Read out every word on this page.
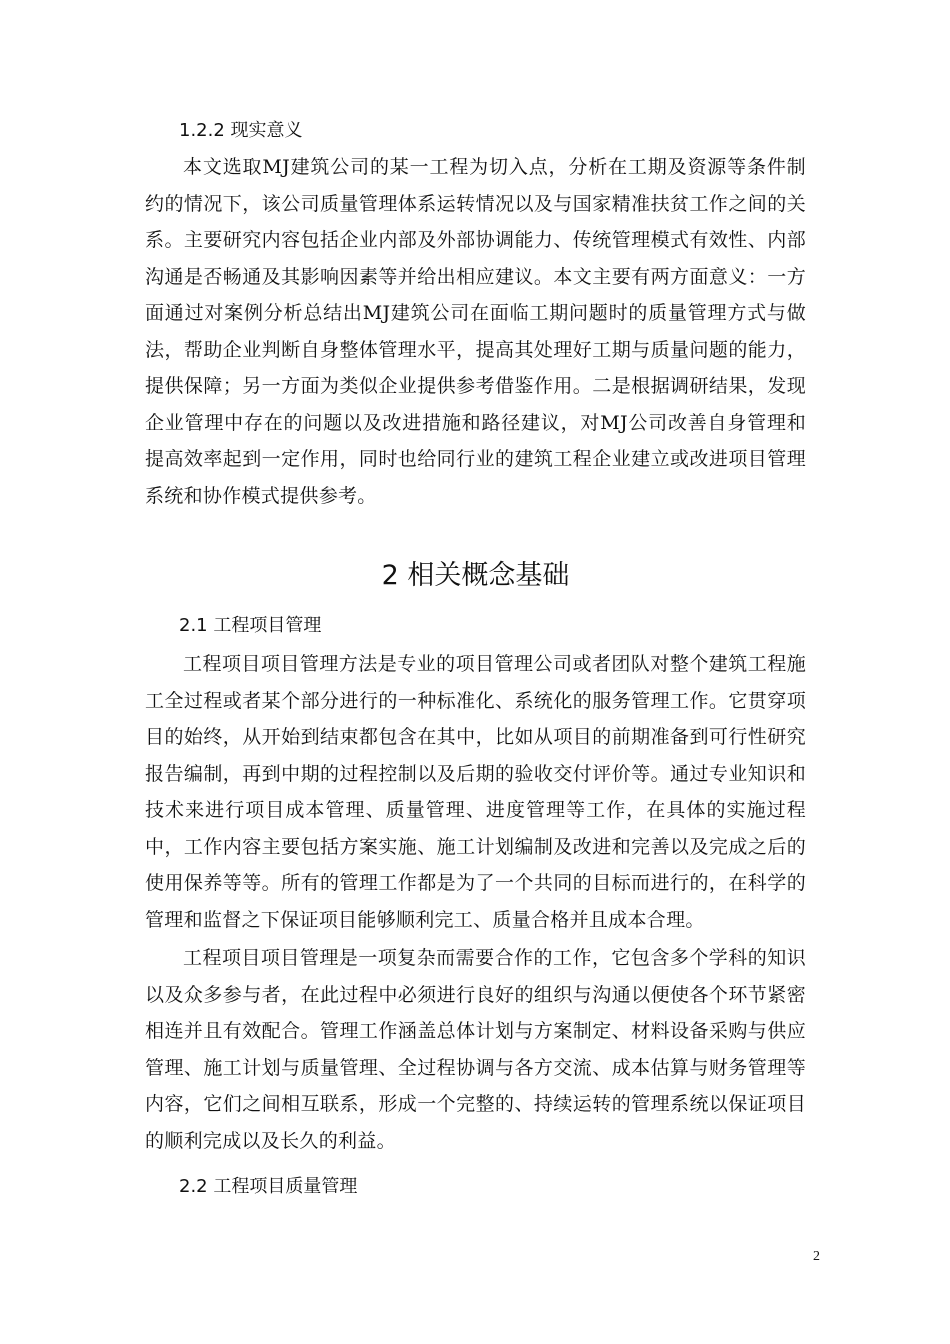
1.2.2 现实意义

本文选取MJ建筑公司的某一工程为切入点，分析在工期及资源等条件制约的情况下，该公司质量管理体系运转情况以及与国家精准扶贫工作之间的关系。主要研究内容包括企业内部及外部协调能力、传统管理模式有效性、内部沟通是否畅通及其影响因素等并给出相应建议。本文主要有两方面意义：一方面通过对案例分析总结出MJ建筑公司在面临工期问题时的质量管理方式与做法，帮助企业判断自身整体管理水平，提高其处理好工期与质量问题的能力，提供保障；另一方面为类似企业提供参考借鉴作用。二是根据调研结果，发现企业管理中存在的问题以及改进措施和路径建议，对MJ公司改善自身管理和提高效率起到一定作用，同时也给同行业的建筑工程企业建立或改进项目管理系统和协作模式提供参考。

2 相关概念基础
2.1 工程项目管理

工程项目项目管理方法是专业的项目管理公司或者团队对整个建筑工程施工全过程或者某个部分进行的一种标准化、系统化的服务管理工作。它贯穿项目的始终，从开始到结束都包含在其中，比如从项目的前期准备到可行性研究报告编制，再到中期的过程控制以及后期的验收交付评价等。通过专业知识和技术来进行项目成本管理、质量管理、进度管理等工作，在具体的实施过程中，工作内容主要包括方案实施、施工计划编制及改进和完善以及完成之后的使用保养等等。所有的管理工作都是为了一个共同的目标而进行的，在科学的管理和监督之下保证项目能够顺利完工、质量合格并且成本合理。

工程项目项目管理是一项复杂而需要合作的工作，它包含多个学科的知识以及众多参与者，在此过程中必须进行良好的组织与沟通以便使各个环节紧密相连并且有效配合。管理工作涵盖总体计划与方案制定、材料设备采购与供应管理、施工计划与质量管理、全过程协调与各方交流、成本估算与财务管理等内容，它们之间相互联系，形成一个完整的、持续运转的管理系统以保证项目的顺利完成以及长久的利益。

2.2 工程项目质量管理
2
